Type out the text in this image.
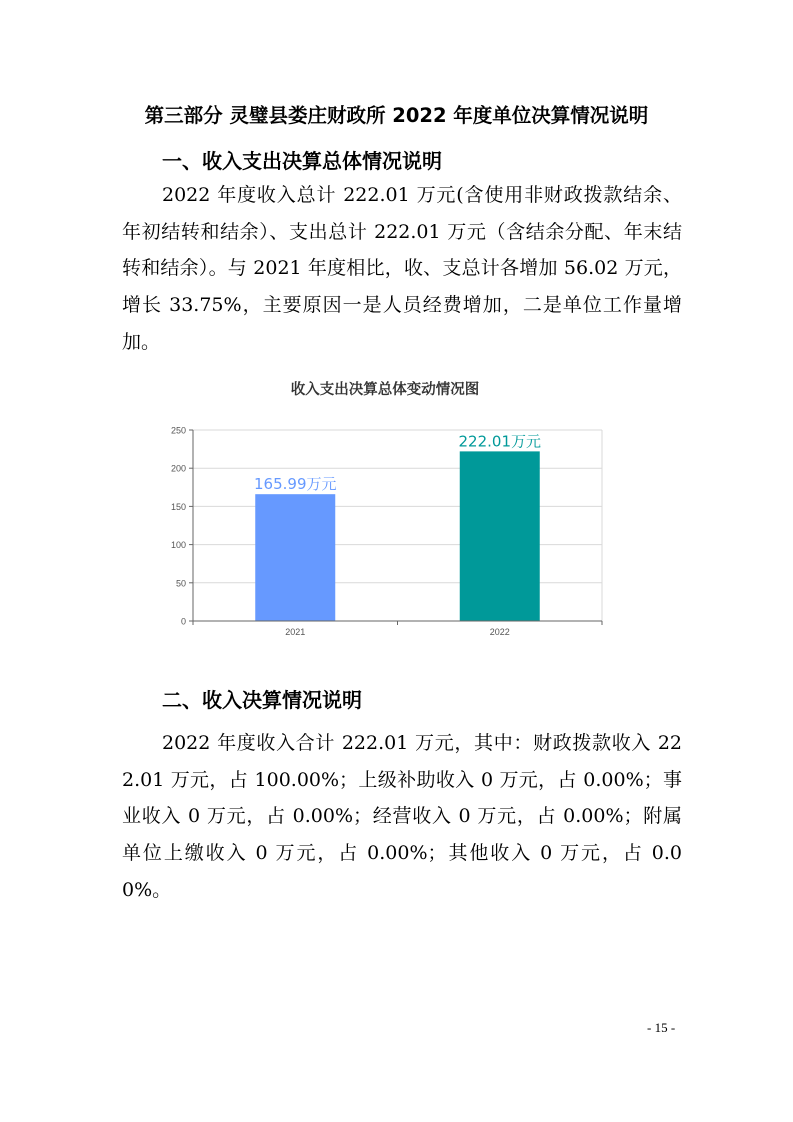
第三部分 灵璧县娄庄财政所 2022 年度单位决算情况说明
一、收入支出决算总体情况说明
2022 年度收入总计 222.01 万元(含使用非财政拨款结余、年初结转和结余）、支出总计 222.01 万元（含结余分配、年末结转和结余）。与 2021 年度相比，收、支总计各增加 56.02 万元，增长 33.75%，主要原因一是人员经费增加，二是单位工作量增加。
收入支出决算总体变动情况图
0
50
100
150
200
250
165.99万元
2021
222.01万元
2022
二、收入决算情况说明
2022 年度收入合计 222.01 万元，其中：财政拨款收入 222.01 万元，占 100.00%；上级补助收入 0 万元，占 0.00%；事业收入 0 万元，占 0.00%；经营收入 0 万元，占 0.00%；附属单位上缴收入 0 万元，占 0.00%；其他收入 0 万元，占 0.00%。
- 15 -
